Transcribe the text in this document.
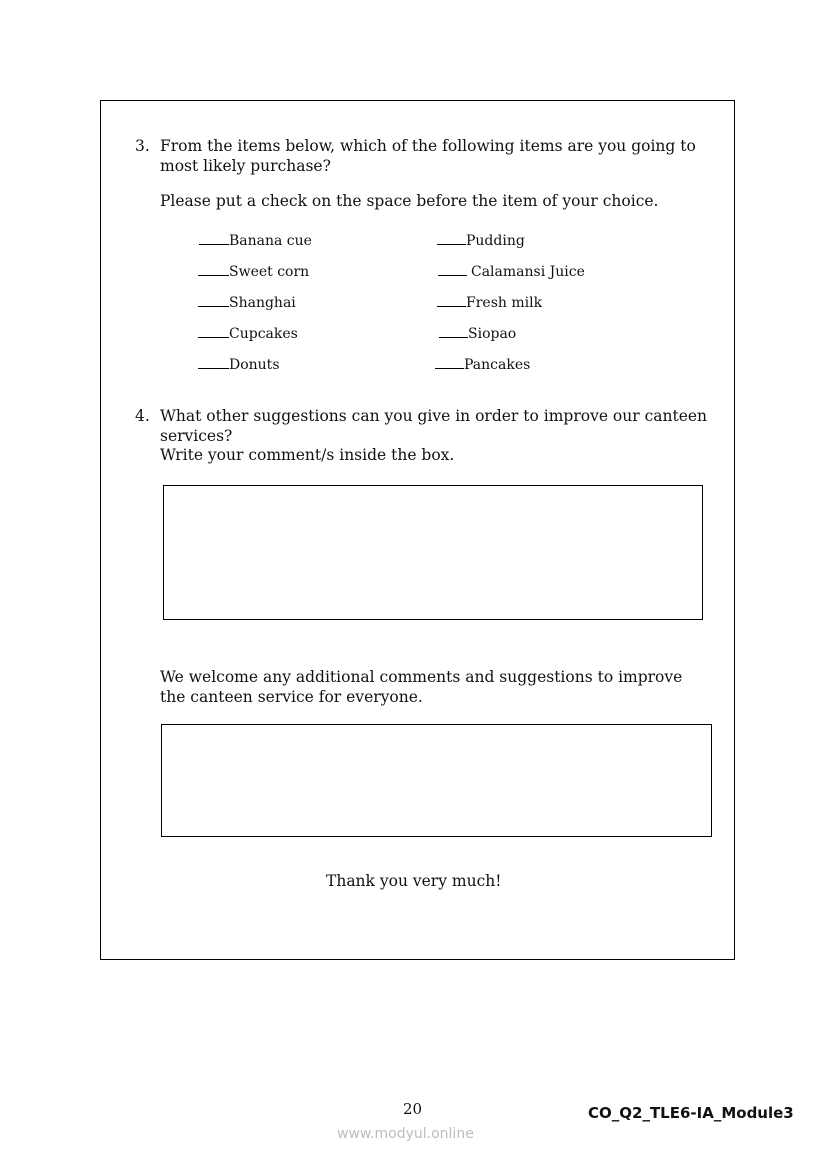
3. From the items below, which of the following items are you going to
most likely purchase?
Please put a check on the space before the item of your choice.
Banana cue
Sweet corn
Shanghai
Cupcakes
Donuts
Pudding
Calamansi Juice
Fresh milk
Siopao
Pancakes
4. What other suggestions can you give in order to improve our canteen
services?
Write your comment/s inside the box.
We welcome any additional comments and suggestions to improve
the canteen service for everyone.
Thank you very much!
20	CO_Q2_TLE6-IA_Module3
www.modyul.online
